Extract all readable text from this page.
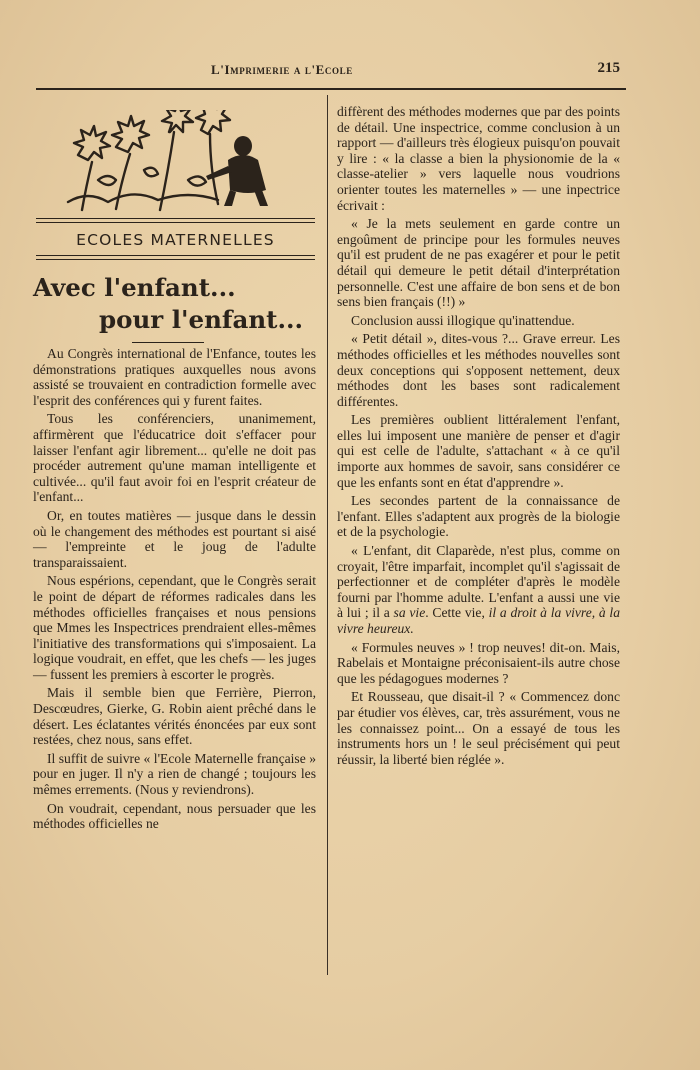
L'Imprimerie a l'Ecole	215
ECOLES MATERNELLES
Avec l'enfant...
pour l'enfant...

Au Congrès international de l'Enfance, toutes les démonstrations pratiques auxquelles nous avons assisté se trouvaient en contradiction formelle avec l'esprit des conférences qui y furent faites.

Tous les conférenciers, unanimement, affirmèrent que l'éducatrice doit s'effacer pour laisser l'enfant agir librement... qu'elle ne doit pas procéder autrement qu'une maman intelligente et cultivée... qu'il faut avoir foi en l'esprit créateur de l'enfant...

Or, en toutes matières — jusque dans le dessin où le changement des méthodes est pourtant si aisé — l'empreinte et le joug de l'adulte transparaissaient.

Nous espérions, cependant, que le Congrès serait le point de départ de réformes radicales dans les méthodes officielles françaises et nous pensions que Mmes les Inspectrices prendraient elles-mêmes l'initiative des transformations qui s'imposaient. La logique voudrait, en effet, que les chefs — les juges — fussent les premiers à escorter le progrès.

Mais il semble bien que Ferrière, Pierron, Descœudres, Gierke, G. Robin aient prêché dans le désert. Les éclatantes vérités énoncées par eux sont restées, chez nous, sans effet.

Il suffit de suivre « l'Ecole Maternelle française » pour en juger. Il n'y a rien de changé ; toujours les mêmes errements. (Nous y reviendrons).

On voudrait, cependant, nous persuader que les méthodes officielles ne

diffèrent des méthodes modernes que par des points de détail. Une inspectrice, comme conclusion à un rapport — d'ailleurs très élogieux puisqu'on pouvait y lire : « la classe a bien la physionomie de la « classe-atelier » vers laquelle nous voudrions orienter toutes les maternelles » — une inpectrice écrivait :

« Je la mets seulement en garde contre un engoûment de principe pour les formules neuves qu'il est prudent de ne pas exagérer et pour le petit détail qui demeure le petit détail d'interprétation personnelle. C'est une affaire de bon sens et de bon sens bien français (!!) »

Conclusion aussi illogique qu'inattendue.

« Petit détail », dites-vous ?... Grave erreur. Les méthodes officielles et les méthodes nouvelles sont deux conceptions qui s'opposent nettement, deux méthodes dont les bases sont radicalement différentes.

Les premières oublient littéralement l'enfant, elles lui imposent une manière de penser et d'agir qui est celle de l'adulte, s'attachant « à ce qu'il importe aux hommes de savoir, sans considérer ce que les enfants sont en état d'apprendre ».

Les secondes partent de la connaissance de l'enfant. Elles s'adaptent aux progrès de la biologie et de la psychologie.

« L'enfant, dit Claparède, n'est plus, comme on croyait, l'être imparfait, incomplet qu'il s'agissait de perfectionner et de compléter d'après le modèle fourni par l'homme adulte. L'enfant a aussi une vie à lui ; il a sa vie. Cette vie, il a droit à la vivre, à la vivre heureux.

« Formules neuves » ! trop neuves! dit-on. Mais, Rabelais et Montaigne préconisaient-ils autre chose que les pédagogues modernes ?

Et Rousseau, que disait-il ? « Commencez donc par étudier vos élèves, car, très assurément, vous ne les connaissez point... On a essayé de tous les instruments hors un ! le seul précisément qui peut réussir, la liberté bien réglée ».
